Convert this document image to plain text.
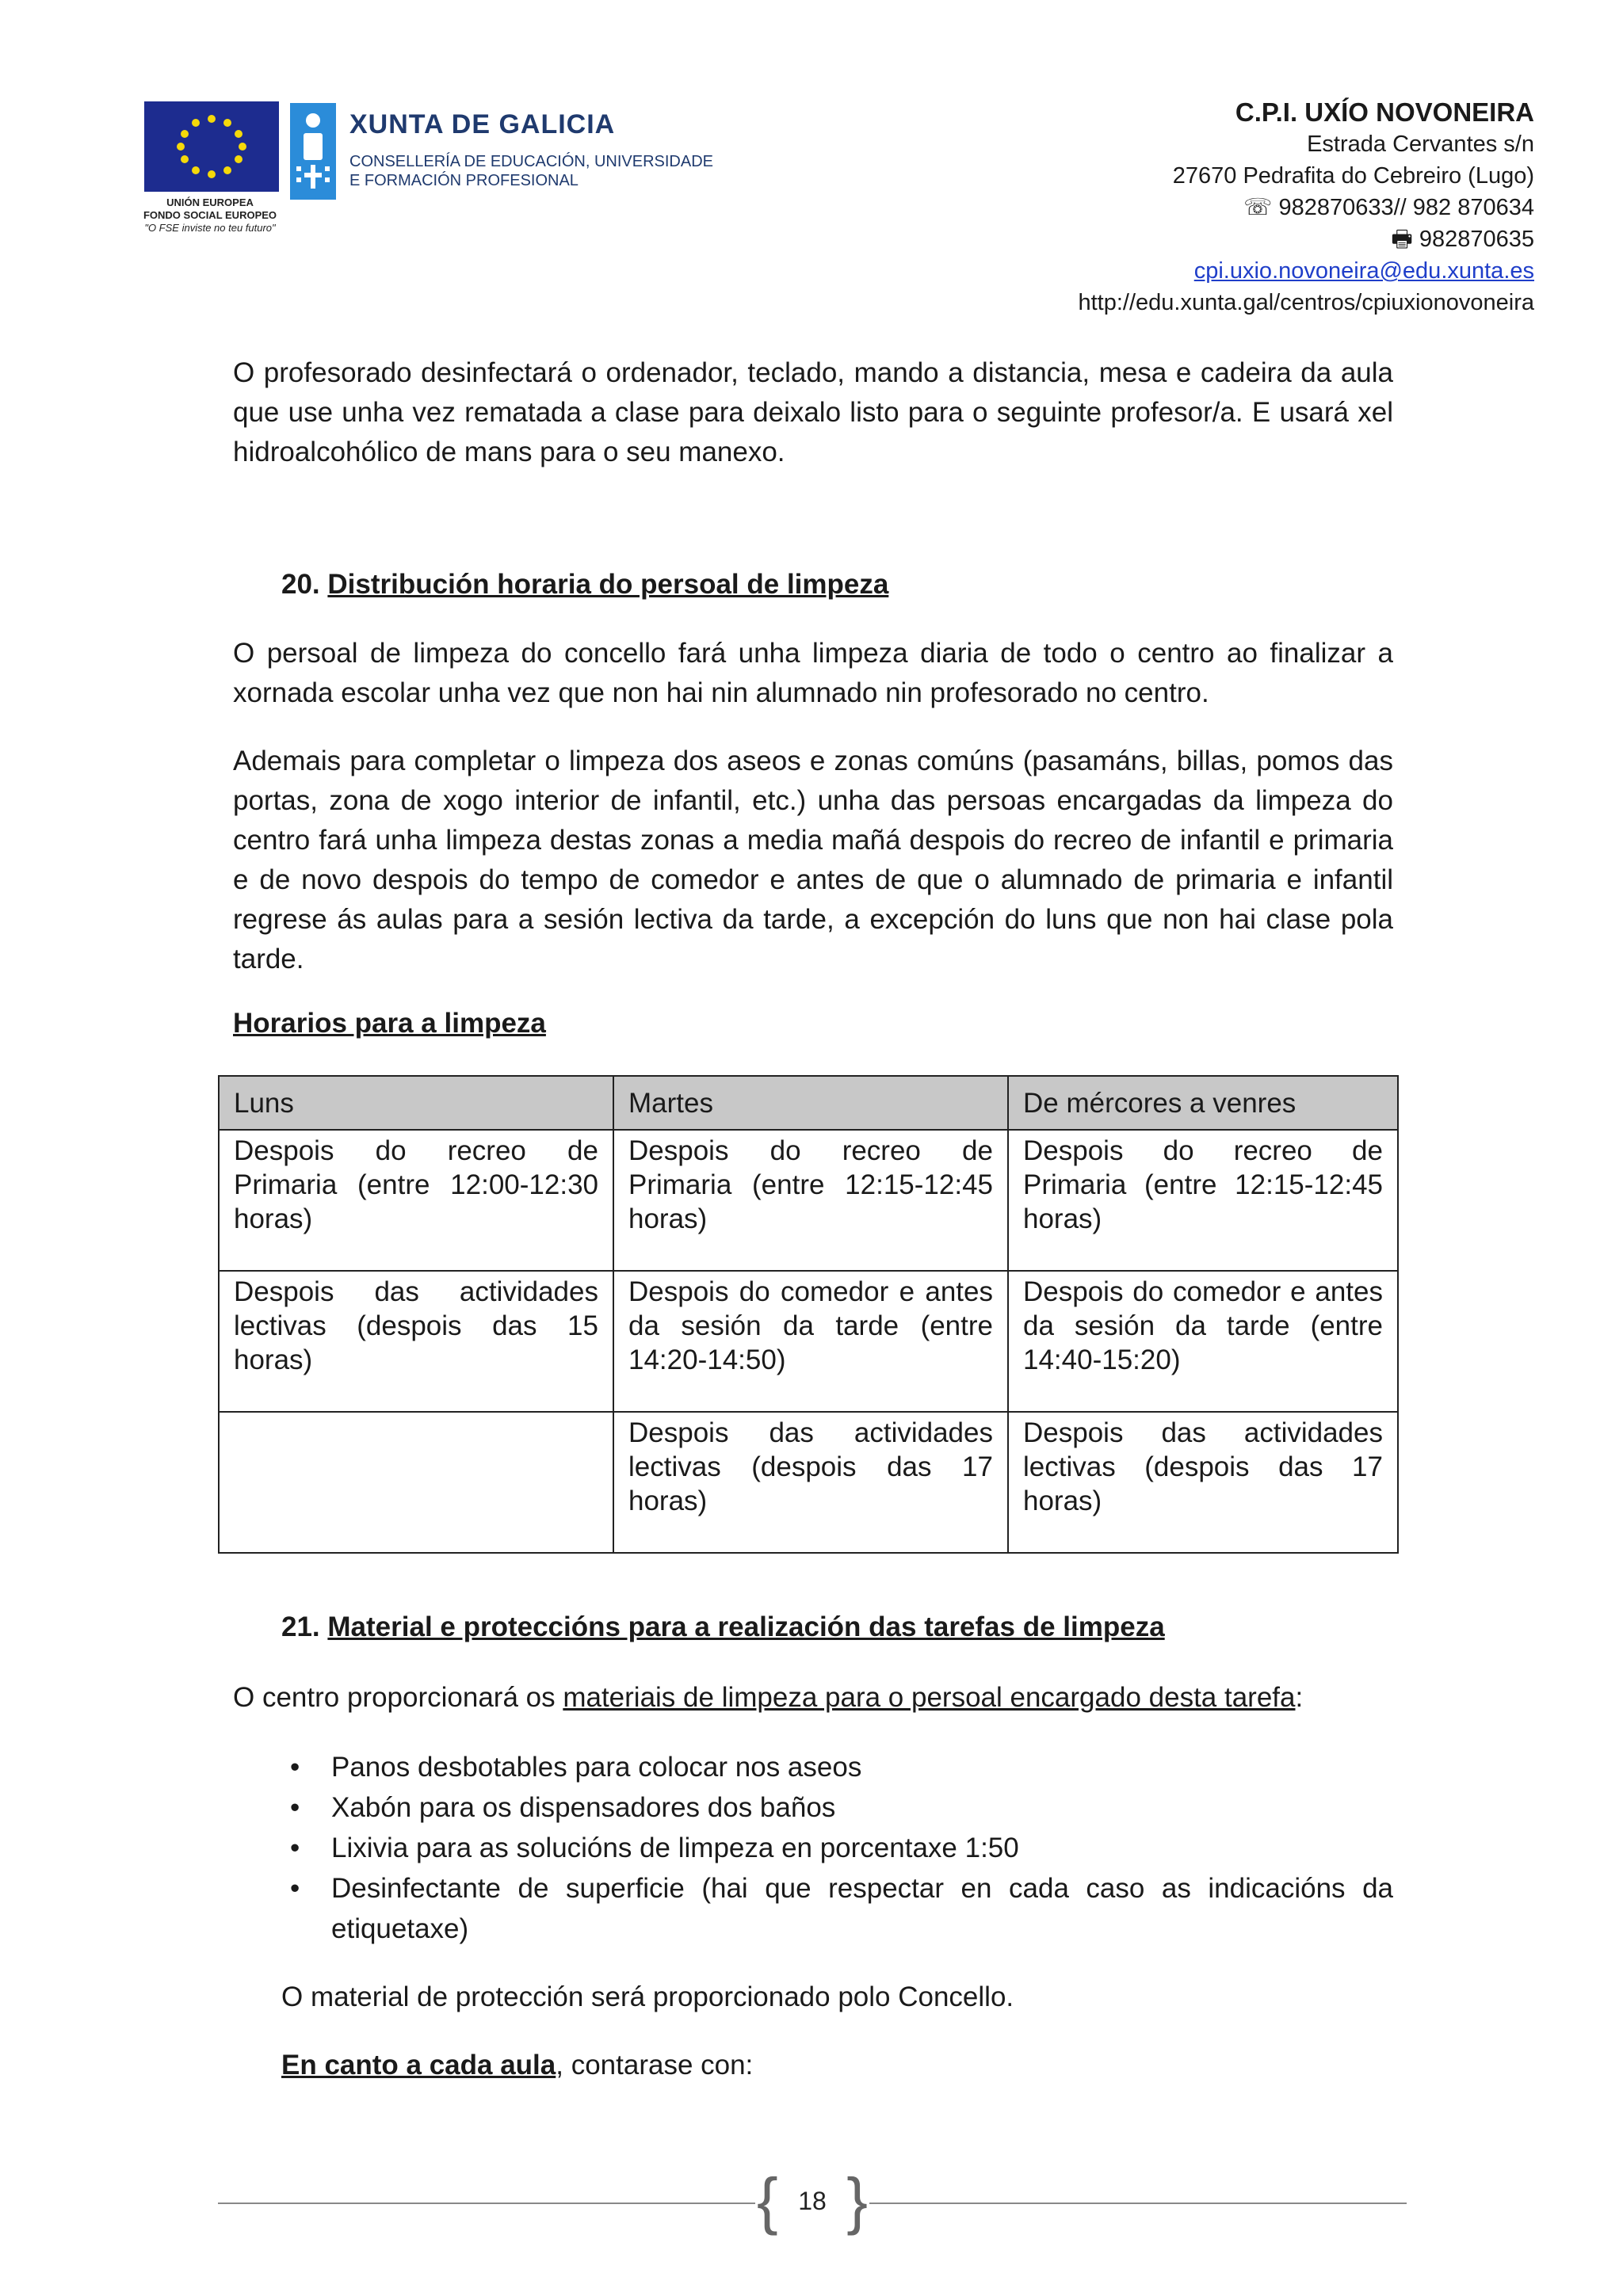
UNIÓN EUROPEA
FONDO SOCIAL EUROPEO
"O FSE inviste no teu futuro"
XUNTA DE GALICIA
CONSELLERÍA DE EDUCACIÓN, UNIVERSIDADE
E FORMACIÓN PROFESIONAL
C.P.I. UXÍO NOVONEIRA
Estrada Cervantes s/n
27670 Pedrafita do Cebreiro (Lugo)
☏ 982870633// 982 870634
🖶 982870635
cpi.uxio.novoneira@edu.xunta.es
http://edu.xunta.gal/centros/cpiuxionovoneira
O profesorado desinfectará o ordenador, teclado, mando a distancia, mesa e cadeira da aula que use unha vez rematada a clase para deixalo listo para o seguinte profesor/a. E usará xel hidroalcohólico de mans para o seu manexo.
20. Distribución horaria do persoal de limpeza
O persoal de limpeza do concello fará unha limpeza diaria de todo o centro ao finalizar a xornada escolar unha vez que non hai nin alumnado nin profesorado no centro.
Ademais para completar o limpeza dos aseos e zonas comúns (pasamáns, billas, pomos das portas, zona de xogo interior de infantil, etc.) unha das persoas encargadas da limpeza do centro fará unha limpeza destas zonas a media mañá despois do recreo de infantil e primaria e de novo despois do tempo de comedor e antes de que o alumnado de primaria e infantil regrese ás aulas para a sesión lectiva da tarde, a excepción do luns que non hai clase pola tarde.
Horarios para a limpeza
Luns	Martes	De mércores a venres
Despois do recreo de Primaria (entre 12:00-12:30 horas)	Despois do recreo de Primaria (entre 12:15-12:45 horas)	Despois do recreo de Primaria (entre 12:15-12:45 horas)
Despois das actividades lectivas (despois das 15 horas)	Despois do comedor e antes da sesión da tarde (entre 14:20-14:50)	Despois do comedor e antes da sesión da tarde (entre 14:40-15:20)
	Despois das actividades lectivas (despois das 17 horas)	Despois das actividades lectivas (despois das 17 horas)
21. Material e proteccións para a realización das tarefas de limpeza
O centro proporcionará os materiais de limpeza para o persoal encargado desta tarefa:
• Panos desbotables para colocar nos aseos
• Xabón para os dispensadores dos baños
• Lixivia para as solucións de limpeza en porcentaxe 1:50
• Desinfectante de superficie (hai que respectar en cada caso as indicacións da etiquetaxe)
O material de protección será proporcionado polo Concello.
En canto a cada aula, contarase con:
{ 18 }
